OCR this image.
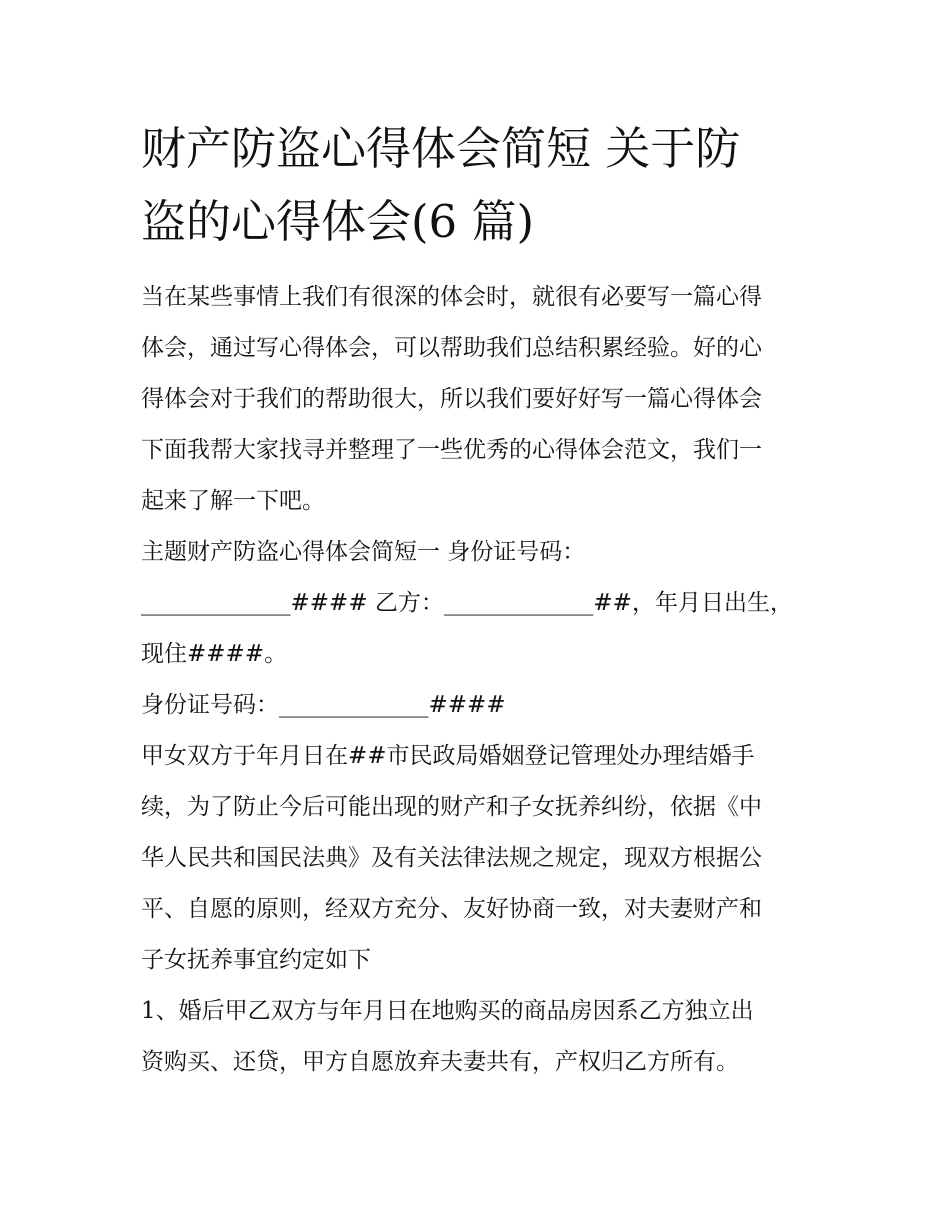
财产防盗心得体会简短 关于防
盗的心得体会(6 篇)

当在某些事情上我们有很深的体会时，就很有必要写一篇心得

体会，通过写心得体会，可以帮助我们总结积累经验。好的心

得体会对于我们的帮助很大，所以我们要好好写一篇心得体会

下面我帮大家找寻并整理了一些优秀的心得体会范文，我们一

起来了解一下吧。

主题财产防盗心得体会简短一 身份证号码：

_____________#### 乙方：_____________##，年月日出生，

现住####。

身份证号码：_____________####

甲女双方于年月日在##市民政局婚姻登记管理处办理结婚手

续，为了防止今后可能出现的财产和子女抚养纠纷，依据《中

华人民共和国民法典》及有关法律法规之规定，现双方根据公

平、自愿的原则，经双方充分、友好协商一致，对夫妻财产和

子女抚养事宜约定如下

1、婚后甲乙双方与年月日在地购买的商品房因系乙方独立出

资购买、还贷，甲方自愿放弃夫妻共有，产权归乙方所有。
